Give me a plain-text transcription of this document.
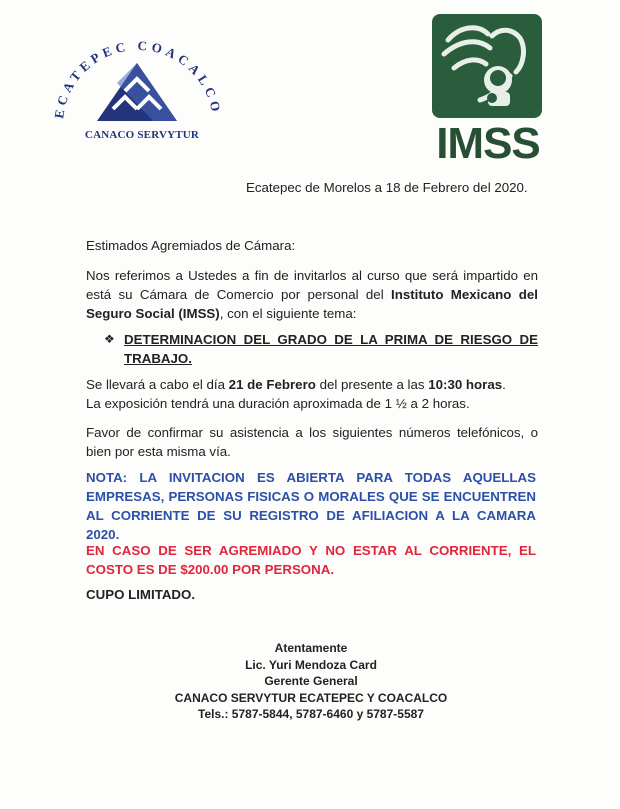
ECATEPEC COACALCO
CANACO SERVYTUR	IMSS
Ecatepec de Morelos a 18 de Febrero del 2020.
Estimados Agremiados de Cámara:
Nos referimos a Ustedes a fin de invitarlos al curso que será impartido en está su Cámara de Comercio por personal del Instituto Mexicano del Seguro Social (IMSS), con el siguiente tema:
❖ DETERMINACION DEL GRADO DE LA PRIMA DE RIESGO DE TRABAJO.
Se llevará a cabo el día 21 de Febrero del presente a las 10:30 horas.
La exposición tendrá una duración aproximada de 1 ½ a 2 horas.
Favor de confirmar su asistencia a los siguientes números telefónicos, o bien por esta misma vía.
NOTA: LA INVITACION ES ABIERTA PARA TODAS AQUELLAS EMPRESAS, PERSONAS FISICAS O MORALES QUE SE ENCUENTREN AL CORRIENTE DE SU REGISTRO DE AFILIACION A LA CAMARA 2020.
EN CASO DE SER AGREMIADO Y NO ESTAR AL CORRIENTE, EL COSTO ES DE $200.00 POR PERSONA.
CUPO LIMITADO.
Atentamente
Lic. Yuri Mendoza Card
Gerente General
CANACO SERVYTUR ECATEPEC Y COACALCO
Tels.: 5787-5844, 5787-6460 y 5787-5587
